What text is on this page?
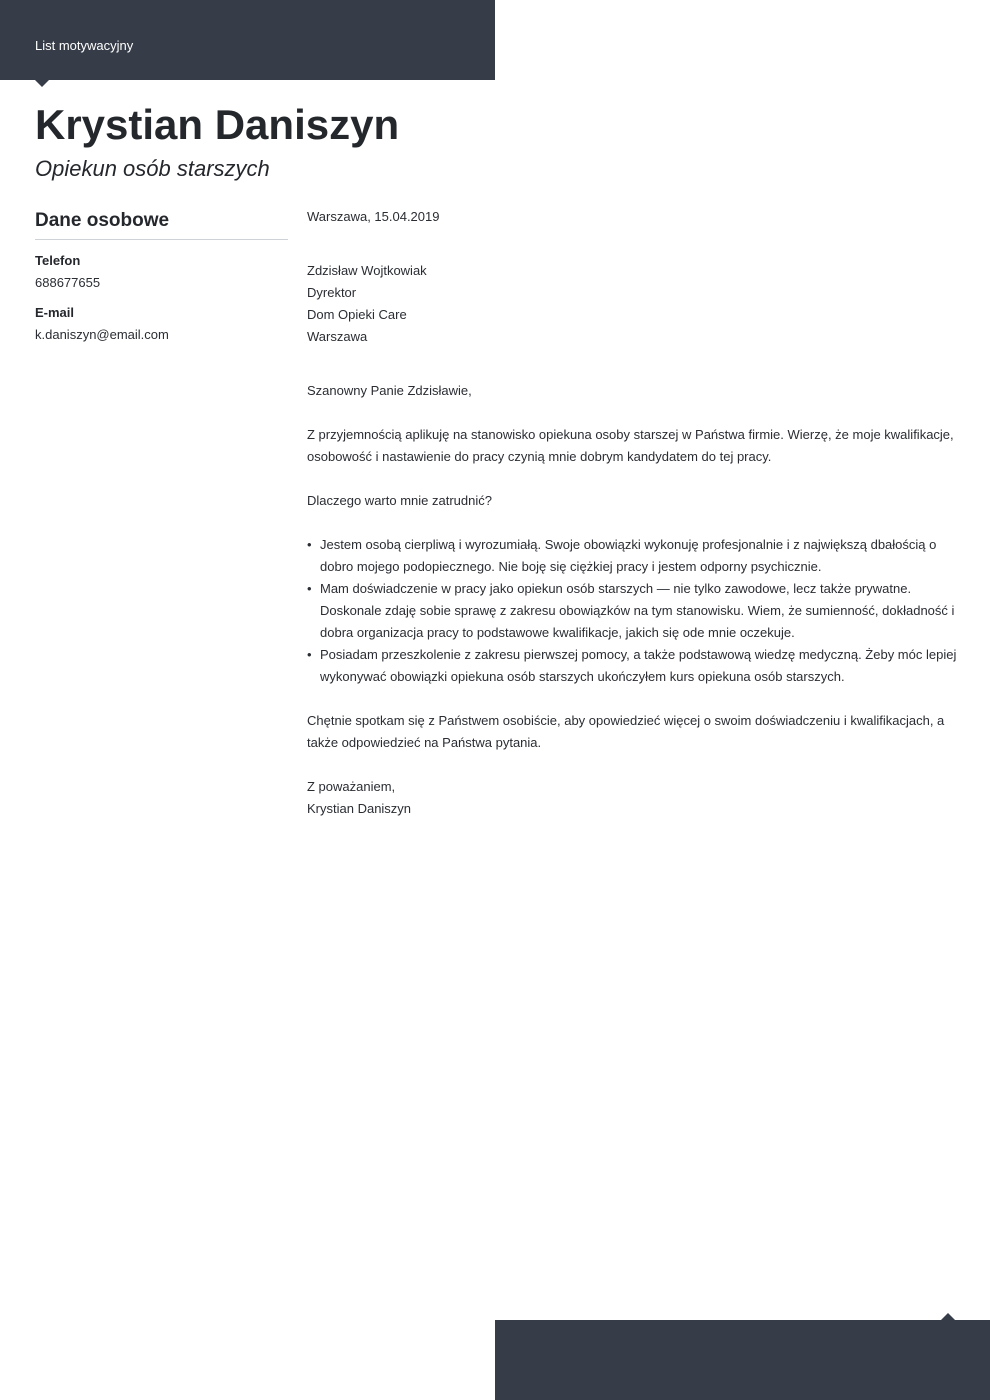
List motywacyjny
Krystian Daniszyn
Opiekun osób starszych
Dane osobowe
Telefon
688677655
E-mail
k.daniszyn@email.com

Warszawa, 15.04.2019

Zdzisław Wojtkowiak

Dyrektor

Dom Opieki Care

Warszawa

Szanowny Panie Zdzisławie,

Z przyjemnością aplikuję na stanowisko opiekuna osoby starszej w Państwa firmie. Wierzę, że moje kwalifikacje, osobowość i nastawienie do pracy czynią mnie dobrym kandydatem do tej pracy.

Dlaczego warto mnie zatrudnić?

• Jestem osobą cierpliwą i wyrozumiałą. Swoje obowiązki wykonuję profesjonalnie i z największą dbałością o dobro mojego podopiecznego. Nie boję się ciężkiej pracy i jestem odporny psychicznie.
• Mam doświadczenie w pracy jako opiekun osób starszych — nie tylko zawodowe, lecz także prywatne. Doskonale zdaję sobie sprawę z zakresu obowiązków na tym stanowisku. Wiem, że sumienność, dokładność i dobra organizacja pracy to podstawowe kwalifikacje, jakich się ode mnie oczekuje.
• Posiadam przeszkolenie z zakresu pierwszej pomocy, a także podstawową wiedzę medyczną. Żeby móc lepiej wykonywać obowiązki opiekuna osób starszych ukończyłem kurs opiekuna osób starszych.

Chętnie spotkam się z Państwem osobiście, aby opowiedzieć więcej o swoim doświadczeniu i kwalifikacjach, a także odpowiedzieć na Państwa pytania.

Z poważaniem,

Krystian Daniszyn
